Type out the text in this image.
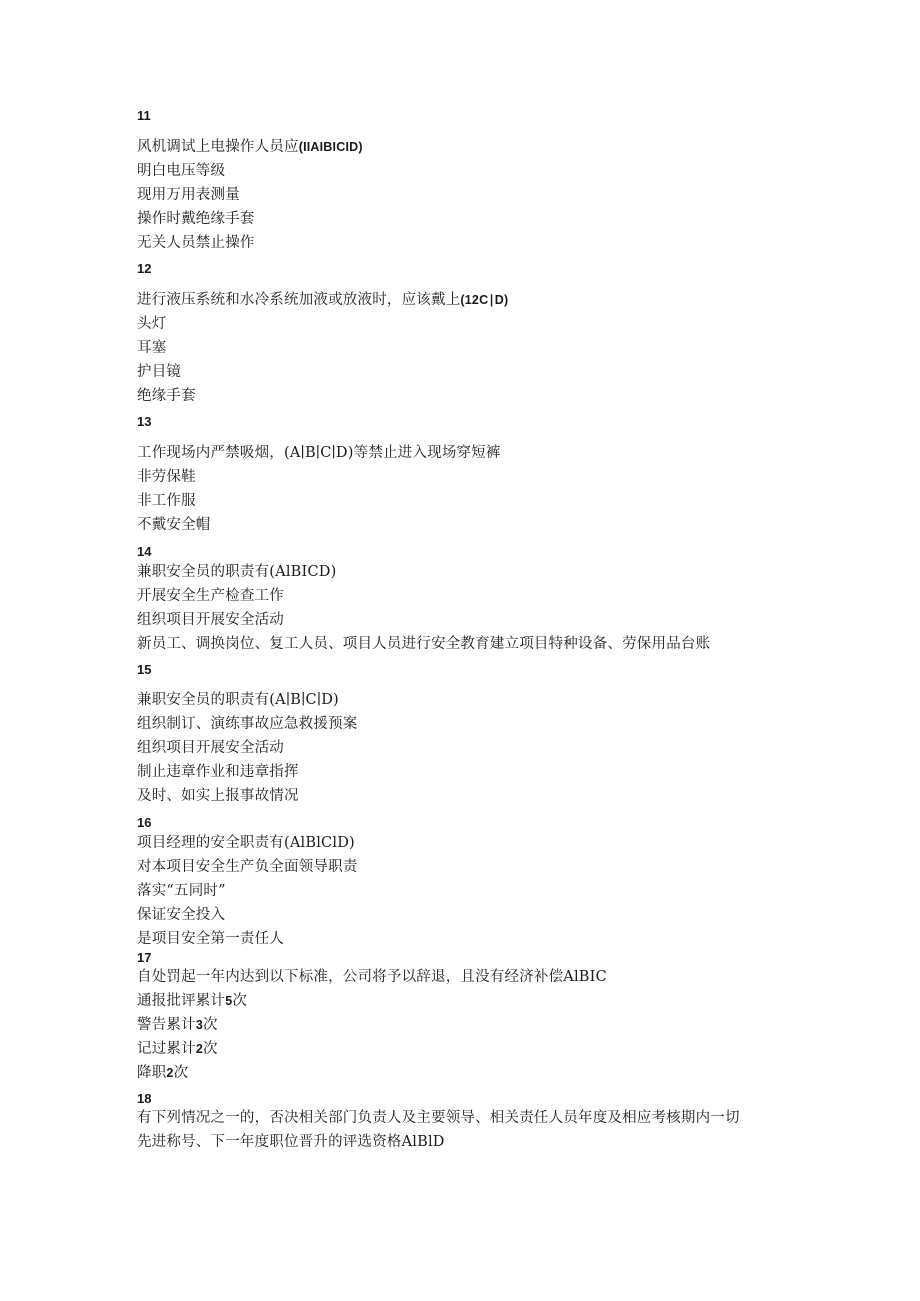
11
风机调试上电操作人员应(IIAIBICID)
明白电压等级
现用万用表测量
操作时戴绝缘手套
无关人员禁止操作
12
进行液压系统和水冷系统加液或放液时，应该戴上(12C∣D)
头灯
耳塞
护目镜
绝缘手套
13
工作现场内严禁吸烟，(A∣B∣C∣D)等禁止进入现场穿短裤
非劳保鞋
非工作服
不戴安全帽
14
兼职安全员的职责有(AlBICD)
开展安全生产检查工作
组织项目开展安全活动
新员工、调换岗位、复工人员、项目人员进行安全教育建立项目特种设备、劳保用品台账
15
兼职安全员的职责有(A∣B∣C∣D)
组织制订、演练事故应急救援预案
组织项目开展安全活动
制止违章作业和违章指挥
及时、如实上报事故情况
16
项目经理的安全职责有(AlBlClD)
对本项目安全生产负全面领导职责
落实“五同时”
保证安全投入
是项目安全第一责任人
17
自处罚起一年内达到以下标准，公司将予以辞退，且没有经济补偿AlBIC
通报批评累计5次
警告累计3次
记过累计2次
降职2次
18
有下列情况之一的，否决相关部门负责人及主要领导、相关责任人员年度及相应考核期内一切
先进称号、下一年度职位晋升的评选资格AlBlD
